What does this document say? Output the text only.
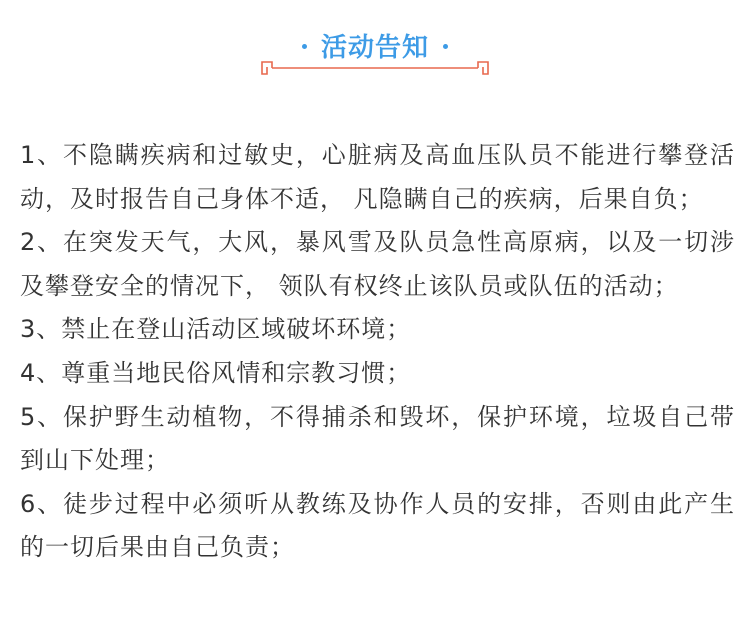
活动告知

1、不隐瞒疾病和过敏史，心脏病及高血压队员不能进行攀登活动，及时报告自己身体不适， 凡隐瞒自己的疾病，后果自负；

2、在突发天气，大风，暴风雪及队员急性高原病，以及一切涉及攀登安全的情况下， 领队有权终止该队员或队伍的活动；

3、禁止在登山活动区域破坏环境；

4、尊重当地民俗风情和宗教习惯；

5、保护野生动植物，不得捕杀和毁坏，保护环境，垃圾自己带到山下处理；

6、徒步过程中必须听从教练及协作人员的安排，否则由此产生的一切后果由自己负责；
